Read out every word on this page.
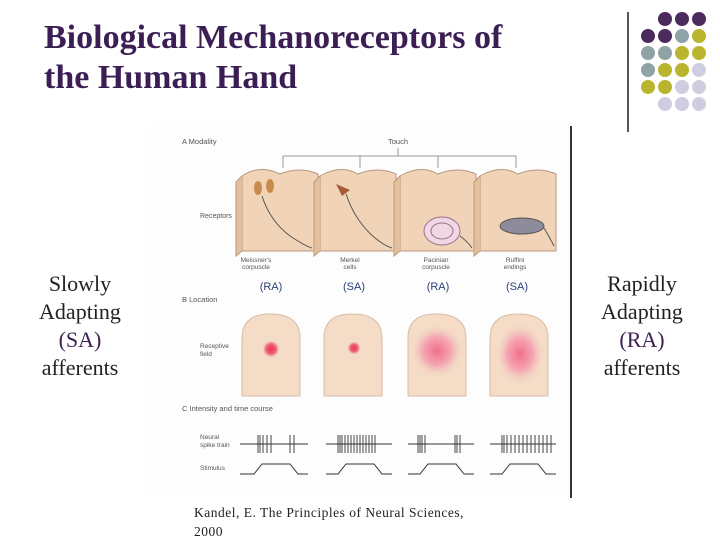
Biological Mechanoreceptors of
the Human Hand
A Modality	Touch
Receptors
Meissner's
corpuscle
Merkel
cells
Pacinian
corpuscle
Ruffini
endings
(RA)	(SA)	(RA)	(SA)
B Location
Receptive
field
C Intensity and time course
Neural
spike train
Stimulus
Slowly
Adapting
(SA)
afferents
Rapidly
Adapting
(RA)
afferents
Kandel, E. The Principles of Neural Sciences,
2000
